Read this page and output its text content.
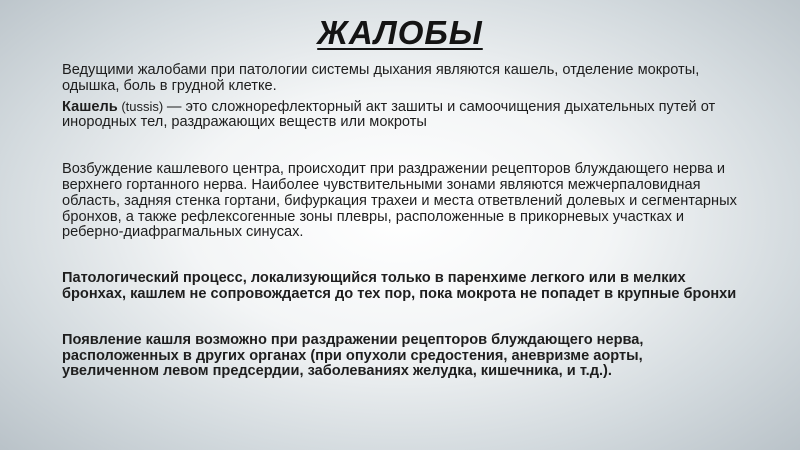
ЖАЛОБЫ

Ведущими жалобами при патологии системы дыхания являются кашель, отделение мокроты, одышка, боль в грудной клетке.

Кашель (tussis) — это сложнорефлекторный акт зашиты и самоочищения дыхательных путей от инородных тел, раздражающих веществ или мокроты

Возбуждение кашлевого центра, происходит при раздражении рецепторов блуждающего нерва и верхнего гортанного нерва. Наиболее чувствительными зонами являются межчерпаловидная область, задняя стенка гортани, бифуркация трахеи и места ответвлений долевых и сегментарных бронхов, а также рефлексогенные зоны плевры, расположенные в прикорневых участках и реберно-диафрагмальных синусах.

Патологический процесс, локализующийся только в паренхиме легкого или в мелких бронхах, кашлем не сопровождается до тех пор, пока мокрота не попадет в крупные бронхи

Появление кашля возможно при раздражении рецепторов блуждающего нерва, расположенных в других органах (при опухоли средостения, аневризме аорты, увеличенном левом предсердии, заболеваниях желудка, кишечника, и т.д.).
